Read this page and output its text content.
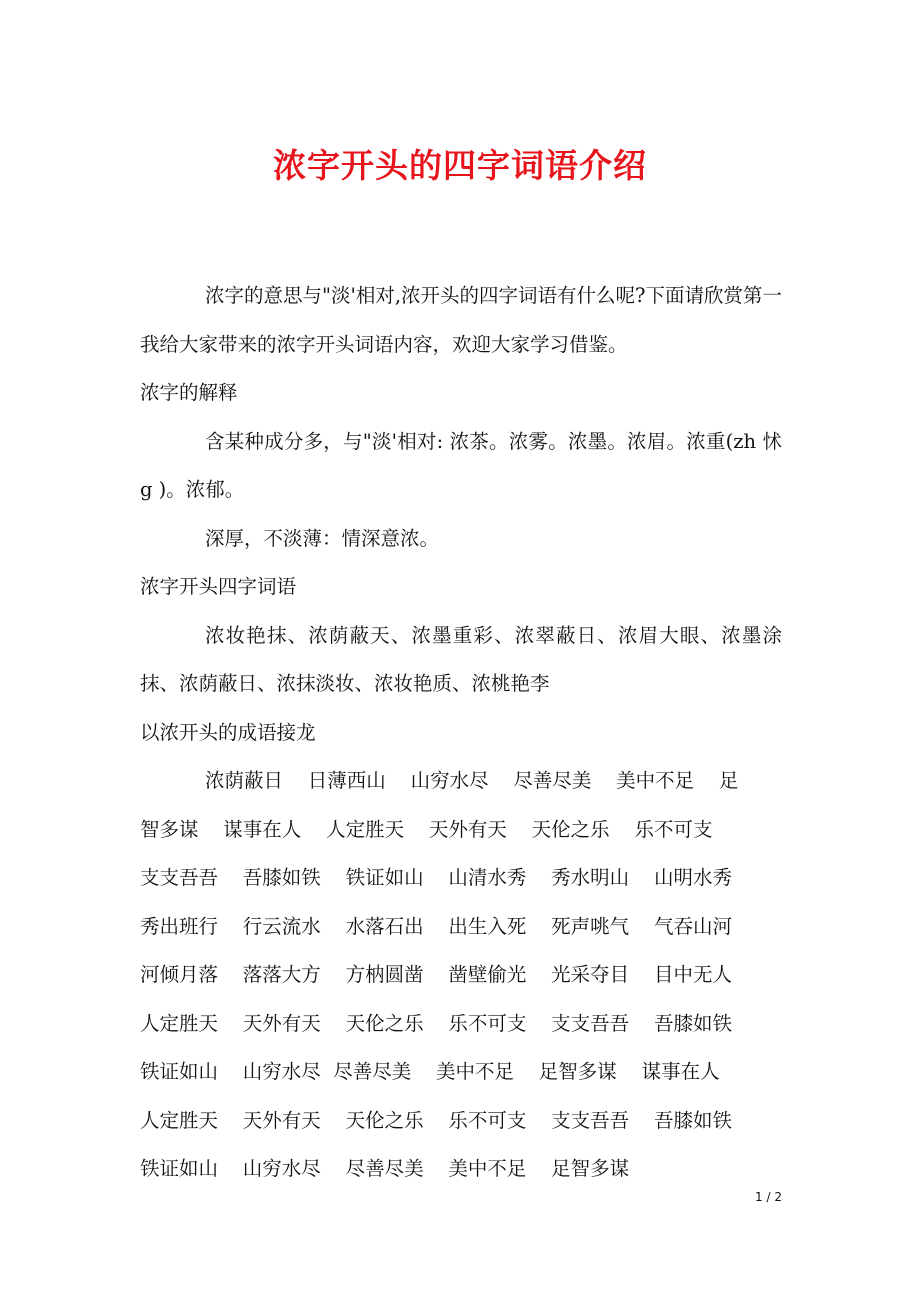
浓字开头的四字词语介绍

浓字的意思与"淡'相对,浓开头的四字词语有什么呢?下面请欣赏第一我给大家带来的浓字开头词语内容，欢迎大家学习借鉴。

浓字的解释

含某种成分多，与"淡'相对: 浓茶。浓雾。浓墨。浓眉。浓重(zh 怵 g )。浓郁。

深厚，不淡薄：情深意浓。

浓字开头四字词语

浓妆艳抹、浓荫蔽天、浓墨重彩、浓翠蔽日、浓眉大眼、浓墨涂抹、浓荫蔽日、浓抹淡妆、浓妆艳质、浓桃艳李

以浓开头的成语接龙

浓荫蔽日    日薄西山    山穷水尽    尽善尽美    美中不足    足
智多谋    谋事在人    人定胜天    天外有天    天伦之乐    乐不可支
支支吾吾    吾膝如铁    铁证如山    山清水秀    秀水明山    山明水秀
秀出班行    行云流水    水落石出    出生入死    死声咷气    气吞山河
河倾月落    落落大方    方枘圆凿    凿壁偷光    光采夺目    目中无人
人定胜天    天外有天    天伦之乐    乐不可支    支支吾吾    吾膝如铁
铁证如山    山穷水尽  尽善尽美    美中不足    足智多谋    谋事在人
人定胜天    天外有天    天伦之乐    乐不可支    支支吾吾    吾膝如铁
铁证如山    山穷水尽    尽善尽美    美中不足    足智多谋
1 / 2
